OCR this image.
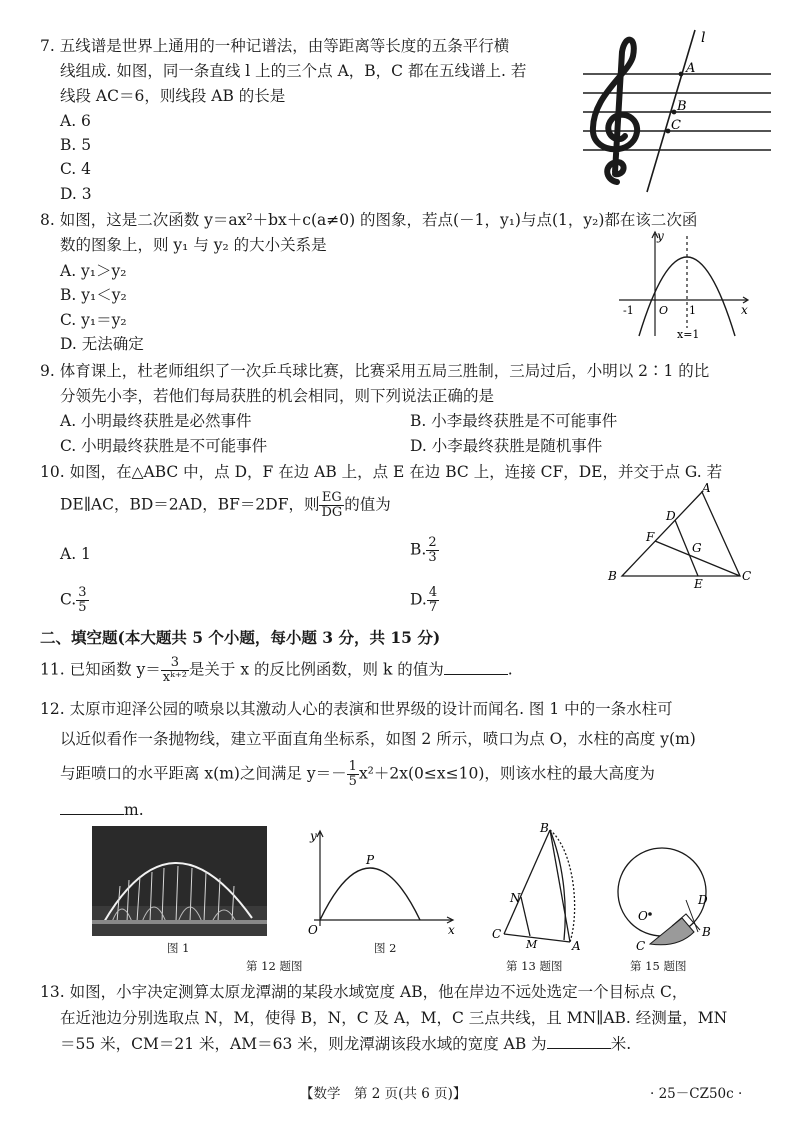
7. 五线谱是世界上通用的一种记谱法，由等距离等长度的五条平行横
线组成. 如图，同一条直线 l 上的三个点 A，B，C 都在五线谱上. 若
线段 AC＝6，则线段 AB 的长是
A. 6
B. 5
C. 4
D. 3
l
A
B
C
8. 如图，这是二次函数 y＝ax²＋bx＋c(a≠0) 的图象，若点(－1，y₁)与点(1，y₂)都在该二次函
数的图象上，则 y₁ 与 y₂ 的大小关系是
A. y₁＞y₂
B. y₁＜y₂
C. y₁＝y₂
D. 无法确定
y
x
-1 O 1
x=1
9. 体育课上，杜老师组织了一次乒乓球比赛，比赛采用五局三胜制，三局过后，小明以 2∶1 的比
分领先小李，若他们每局获胜的机会相同，则下列说法正确的是
A. 小明最终获胜是必然事件	B. 小李最终获胜是不可能事件
C. 小明最终获胜是不可能事件	D. 小李最终获胜是随机事件
10. 如图，在△ABC 中，点 D，F 在边 AB 上，点 E 在边 BC 上，连接 CF，DE，并交于点 G. 若
DE∥AC，BD＝2AD，BF＝2DF，则 $\frac{EG}{DG}$ 的值为
A. 1	B. $\frac{2}{3}$
C. $\frac{3}{5}$	D. $\frac{4}{7}$
A
B	C
D
E
F
G
二、填空题(本大题共 5 个小题，每小题 3 分，共 15 分)
11. 已知函数 $y= \frac{3}{\text{xᵏ⁺²}}$ 是关于 x 的反比例函数，则 k 的值为	.
12. 太原市迎泽公园的喷泉以其激动人心的表演和世界级的设计而闻名. 图 1 中的一条水柱可
以近似看作一条抛物线，建立平面直角坐标系，如图 2 所示，喷口为点 O，水柱的高度 y(m)
与距喷口的水平距离 x(m)之间满足 $y=- \frac{1}{5} x^2+2x(0\le x\le 10)$，则该水柱的最大高度为
m.
图 1
y
x
O
P
图 2
第 12 题图
B
N
C
M	A
第 13 题图
O
D
B
C
第 15 题图
13. 如图，小宇决定测算太原龙潭湖的某段水域宽度 AB，他在岸边不远处选定一个目标点 C，
在近池边分别选取点 N，M，使得 B，N，C 及 A，M，C 三点共线，且 MN∥AB. 经测量，MN
＝55 米，CM＝21 米，AM＝63 米，则龙潭湖该段水域的宽度 AB 为	米.
【数学　第 2 页(共 6 页)】	· 25－CZ50c ·
